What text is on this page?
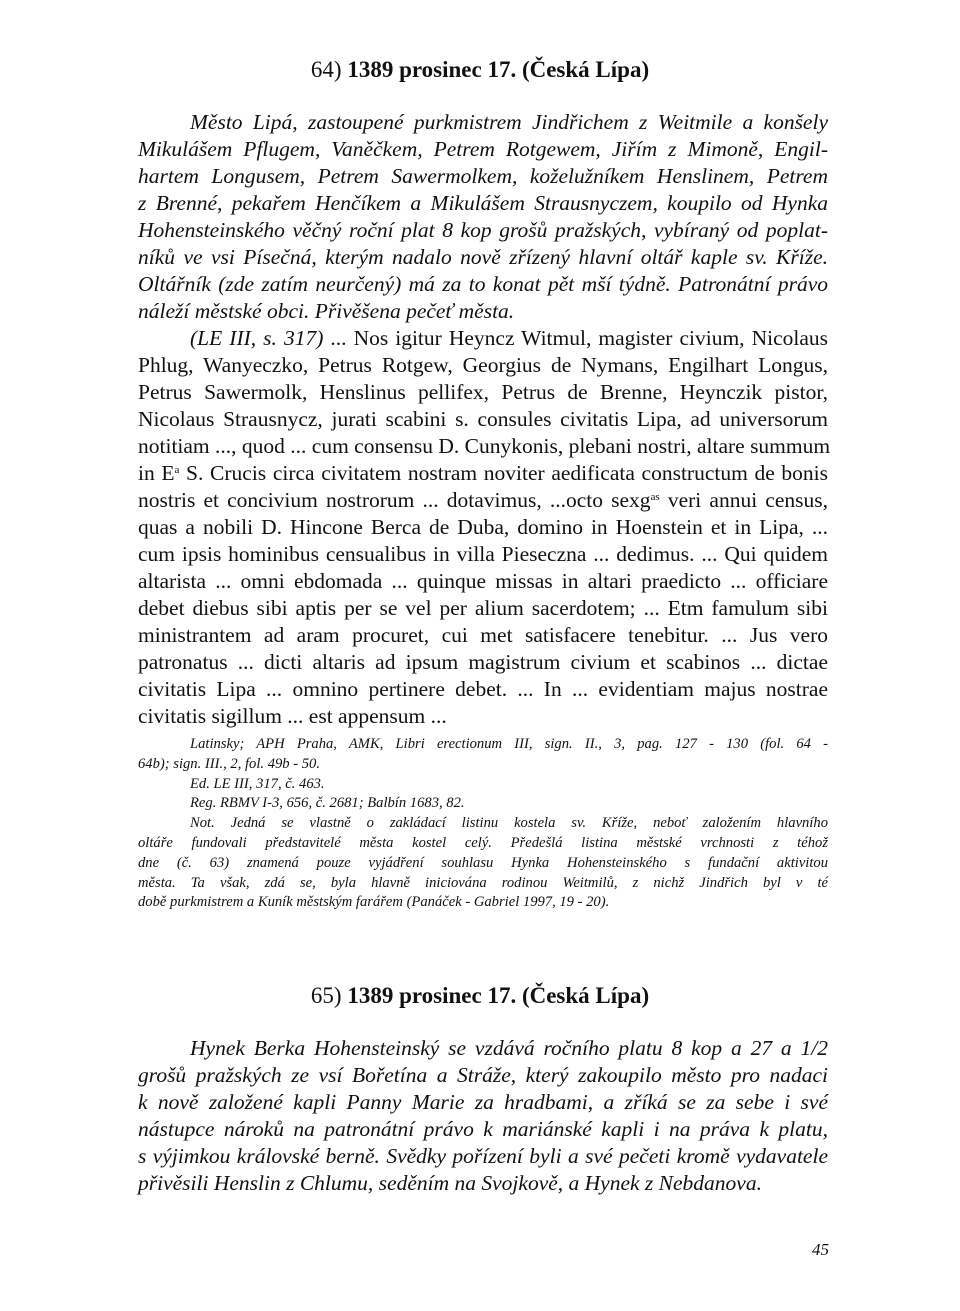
64) 1389 prosinec 17. (Česká Lípa)
Město Lipá, zastoupené purkmistrem Jindřichem z Weitmile a konšely
Mikulášem Pflugem, Vaněčkem, Petrem Rotgewem, Jiřím z Mimoně, Engil-
hartem Longusem, Petrem Sawermolkem, koželužníkem Henslinem, Petrem
z Brenné, pekařem Henčíkem a Mikulášem Strausnyczem, koupilo od Hynka
Hohensteinského věčný roční plat 8 kop grošů pražských, vybíraný od poplat-
níků ve vsi Písečná, kterým nadalo nově zřízený hlavní oltář kaple sv. Kříže.
Oltářník (zde zatím neurčený) má za to konat pět mší týdně. Patronátní právo
náleží městské obci. Přivěšena pečeť města.
(LE III, s. 317) ... Nos igitur Heyncz Witmul, magister civium, Nicolaus
Phlug, Wanyeczko, Petrus Rotgew, Georgius de Nymans, Engilhart Longus,
Petrus Sawermolk, Henslinus pellifex, Petrus de Brenne, Heynczik pistor,
Nicolaus Strausnycz, jurati scabini s. consules civitatis Lipa, ad universorum
notitiam ..., quod ... cum consensu D. Cunykonis, plebani nostri, altare summum
in $E^a$ S. Crucis circa civitatem nostram noviter aedificata constructum de bonis
nostris et concivium nostrorum ... dotavimus, ...octo sexg$^{as}$ veri annui census,
quas a nobili D. Hincone Berca de Duba, domino in Hoenstein et in Lipa, ...
cum ipsis hominibus censualibus in villa Pieseczna ... dedimus. ... Qui quidem
altarista ... omni ebdomada ... quinque missas in altari praedicto ... officiare
debet diebus sibi aptis per se vel per alium sacerdotem; ... Etm famulum sibi
ministrantem ad aram procuret, cui met satisfacere tenebitur. ... Jus vero
patronatus ... dicti altaris ad ipsum magistrum civium et scabinos ... dictae
civitatis Lipa ... omnino pertinere debet. ... In ... evidentiam majus nostrae
civitatis sigillum ... est appensum ...
Latinsky; APH Praha, AMK, Libri erectionum III, sign. II., 3, pag. 127 - 130 (fol. 64 -
64b); sign. III., 2, fol. 49b - 50.
Ed. LE III, 317, č. 463.
Reg. RBMV I-3, 656, č. 2681; Balbín 1683, 82.
Not. Jedná se vlastně o zakládací listinu kostela sv. Kříže, neboť založením hlavního
oltáře fundovali představitelé města kostel celý. Předešlá listina městské vrchnosti z téhož
dne (č. 63) znamená pouze vyjádření souhlasu Hynka Hohensteinského s fundační aktivitou
města. Ta však, zdá se, byla hlavně iniciována rodinou Weitmilů, z nichž Jindřich byl v té
době purkmistrem a Kuník městským farářem (Panáček - Gabriel 1997, 19 - 20).
65) 1389 prosinec 17. (Česká Lípa)
Hynek Berka Hohensteinský se vzdává ročního platu 8 kop a 27 a 1/2
grošů pražských ze vsí Bořetína a Stráže, který zakoupilo město pro nadaci
k nově založené kapli Panny Marie za hradbami, a zříká se za sebe i své
nástupce nároků na patronátní právo k mariánské kapli i na práva k platu,
s výjimkou královské berně. Svědky pořízení byli a své pečeti kromě vydavatele
přivěsili Henslin z Chlumu, seděním na Svojkově, a Hynek z Nebdanova.
45
